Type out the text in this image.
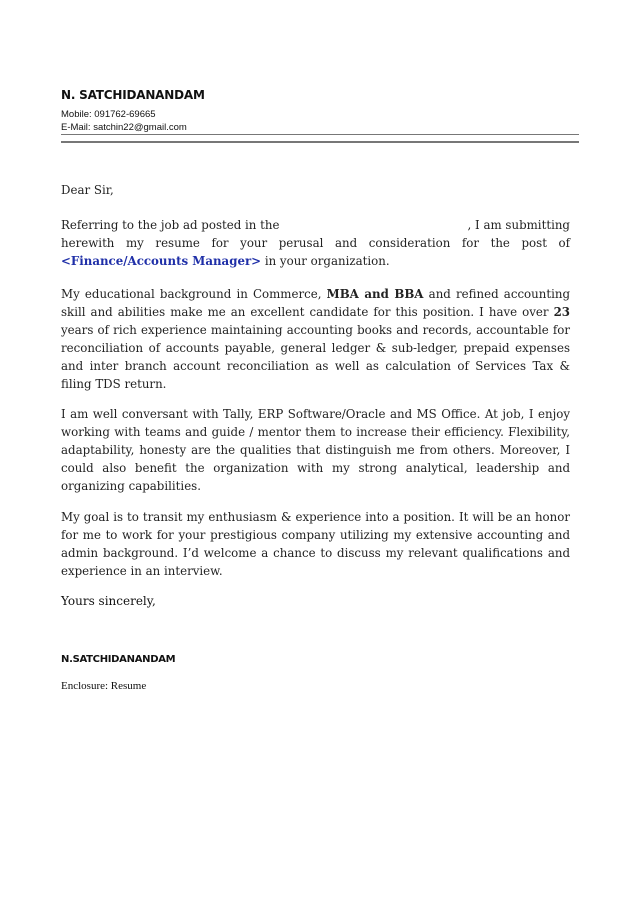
N. SATCHIDANANDAM
Mobile: 091762-69665
E-Mail: satchin22@gmail.com
Dear Sir,

Referring to the job ad posted in the	, I am submitting herewith my resume for your perusal and consideration for the post of <Finance/Accounts Manager> in your organization.

My educational background in Commerce, MBA and BBA and refined accounting skill and abilities make me an excellent candidate for this position. I have over 23 years of rich experience maintaining accounting books and records, accountable for reconciliation of accounts payable, general ledger & sub-ledger, prepaid expenses and inter branch account reconciliation as well as calculation of Services Tax & filing TDS return.

I am well conversant with Tally, ERP Software/Oracle and MS Office. At job, I enjoy working with teams and guide / mentor them to increase their efficiency. Flexibility, adaptability, honesty are the qualities that distinguish me from others. Moreover, I could also benefit the organization with my strong analytical, leadership and organizing capabilities.

My goal is to transit my enthusiasm & experience into a position. It will be an honor for me to work for your prestigious company utilizing my extensive accounting and admin background. I’d welcome a chance to discuss my relevant qualifications and experience in an interview.

Yours sincerely,
N.SATCHIDANANDAM
Enclosure: Resume
